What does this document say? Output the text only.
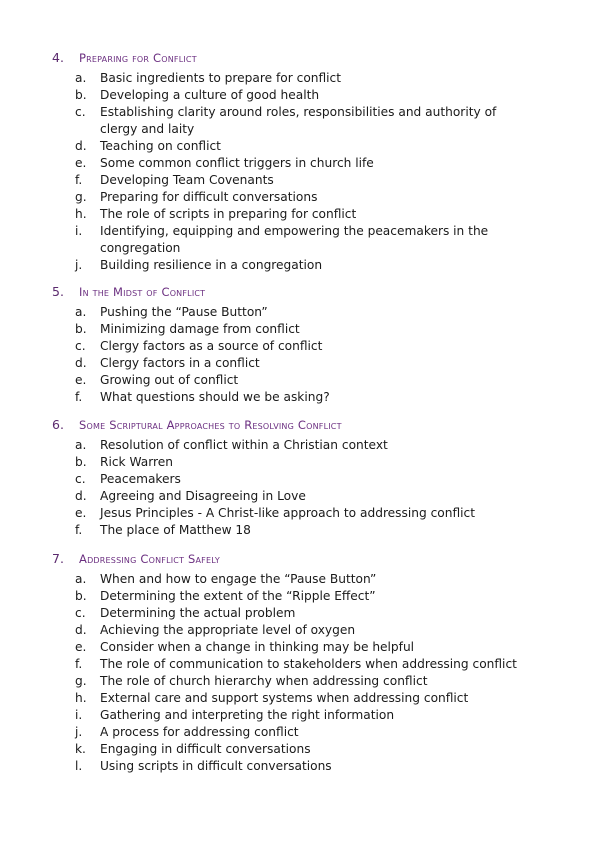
4.	Preparing for Conflict
a.	Basic ingredients to prepare for conflict
b.	Developing a culture of good health
c.	Establishing clarity around roles, responsibilities and authority of clergy and laity
d.	Teaching on conflict
e.	Some common conflict triggers in church life
f.	Developing Team Covenants
g.	Preparing for difficult conversations
h.	The role of scripts in preparing for conflict
i.	Identifying, equipping and empowering the peacemakers in the congregation
j.	Building resilience in a congregation
5.	In the Midst of Conflict
a.	Pushing the “Pause Button”
b.	Minimizing damage from conflict
c.	Clergy factors as a source of conflict
d.	Clergy factors in a conflict
e.	Growing out of conflict
f.	What questions should we be asking?
6.	Some Scriptural Approaches to Resolving Conflict
a.	Resolution of conflict within a Christian context
b.	Rick Warren
c.	Peacemakers
d.	Agreeing and Disagreeing in Love
e.	Jesus Principles - A Christ-like approach to addressing conflict
f.	The place of Matthew 18
7.	Addressing Conflict Safely
a.	When and how to engage the “Pause Button”
b.	Determining the extent of the “Ripple Effect”
c.	Determining the actual problem
d.	Achieving the appropriate level of oxygen
e.	Consider when a change in thinking may be helpful
f.	The role of communication to stakeholders when addressing conflict
g.	The role of church hierarchy when addressing conflict
h.	External care and support systems when addressing conflict
i.	Gathering and interpreting the right information
j.	A process for addressing conflict
k.	Engaging in difficult conversations
l.	Using scripts in difficult conversations
